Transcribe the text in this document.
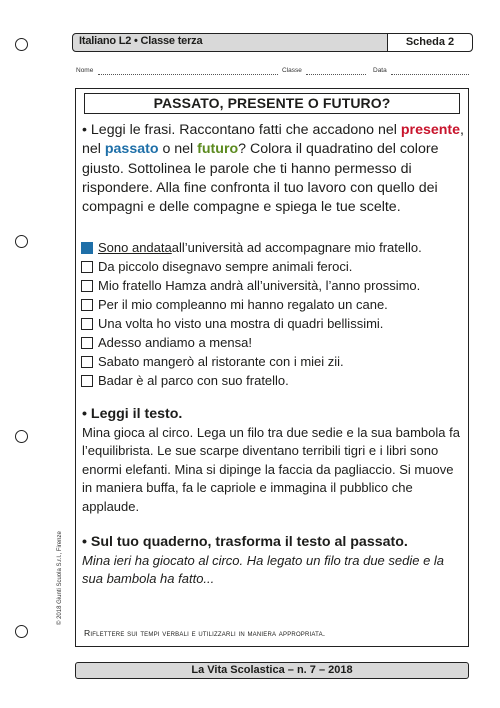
Italiano L2 • Classe terza	Scheda 2
Nome	Classe	Data
PASSATO, PRESENTE O FUTURO?
• Leggi le frasi. Raccontano fatti che accadono nel presente, nel passato o nel futuro? Colora il quadratino del colore giusto. Sottolinea le parole che ti hanno permesso di rispondere. Alla fine confronta il tuo lavoro con quello dei compagni e delle compagne e spiega le tue scelte.
Sono andata all’università ad accompagnare mio fratello.
Da piccolo disegnavo sempre animali feroci.
Mio fratello Hamza andrà all’università, l’anno prossimo.
Per il mio compleanno mi hanno regalato un cane.
Una volta ho visto una mostra di quadri bellissimi.
Adesso andiamo a mensa!
Sabato mangerò al ristorante con i miei zii.
Badar è al parco con suo fratello.
• Leggi il testo.
Mina gioca al circo. Lega un filo tra due sedie e la sua bambola fa l’equilibrista. Le sue scarpe diventano terribili tigri e i libri sono enormi elefanti. Mina si dipinge la faccia da pagliaccio. Si muove in maniera buffa, fa le capriole e immagina il pubblico che applaude.
• Sul tuo quaderno, trasforma il testo al passato.
Mina ieri ha giocato al circo. Ha legato un filo tra due sedie e la sua bambola ha fatto...
Riflettere sui tempi verbali e utilizzarli in maniera appropriata.
La Vita Scolastica – n. 7 – 2018
© 2018 Giunti Scuola S.r.l., Firenze
